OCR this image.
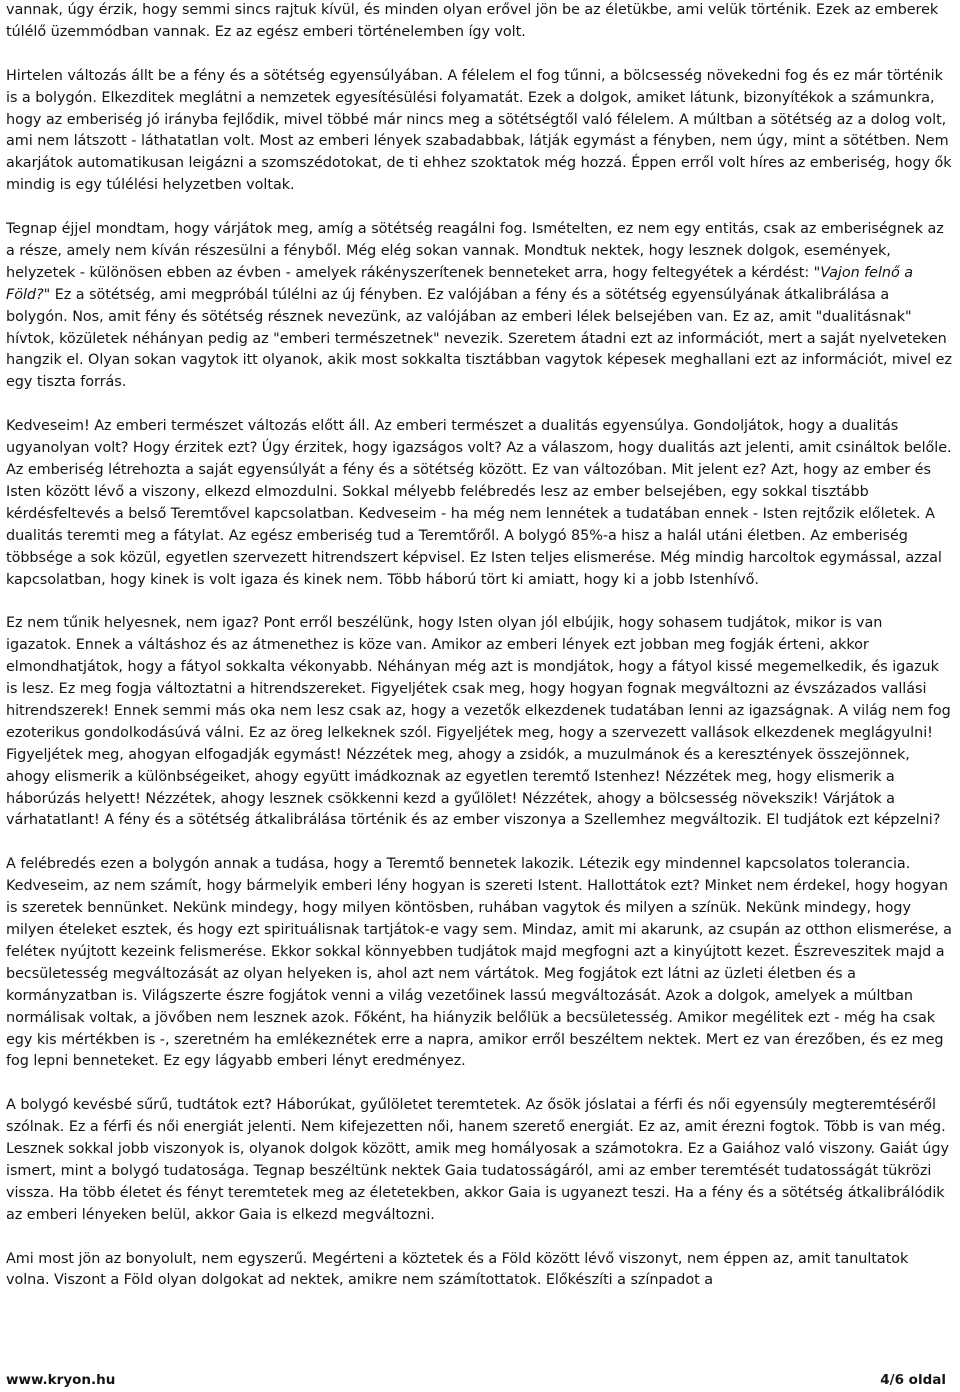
vannak, úgy érzik, hogy semmi sincs rajtuk kívül, és minden olyan erővel jön be az életükbe, ami velük történik. Ezek az emberek túlélő üzemmódban vannak. Ez az egész emberi történelemben így volt.

Hirtelen változás állt be a fény és a sötétség egyensúlyában. A félelem el fog tűnni, a bölcsesség növekedni fog és ez már történik is a bolygón. Elkezditek meglátni a nemzetek egyesítésülési folyamatát. Ezek a dolgok, amiket látunk, bizonyítékok a számunkra, hogy az emberiség jó irányba fejlődik, mivel többé már nincs meg a sötétségtől való félelem. A múltban a sötétség az a dolog volt, ami nem látszott - láthatatlan volt. Most az emberi lények szabadabbak, látják egymást a fényben, nem úgy, mint a sötétben. Nem akarjátok automatikusan leigázni a szomszédotokat, de ti ehhez szoktatok még hozzá. Éppen erről volt híres az emberiség, hogy ők mindig is egy túlélési helyzetben voltak.

Tegnap éjjel mondtam, hogy várjátok meg, amíg a sötétség reagálni fog. Ismételten, ez nem egy entitás, csak az emberiségnek az a része, amely nem kíván részesülni a fényből. Még elég sokan vannak. Mondtuk nektek, hogy lesznek dolgok, események, helyzetek - különösen ebben az évben - amelyek rákényszerítenek benneteket arra, hogy feltegyétek a kérdést: "Vajon felnő a Föld?" Ez a sötétség, ami megpróbál túlélni az új fényben. Ez valójában a fény és a sötétség egyensúlyának átkalibrálása a bolygón. Nos, amit fény és sötétség résznek nevezünk, az valójában az emberi lélek belsejében van. Ez az, amit "dualitásnak" hívtok, közületek néhányan pedig az "emberi természetnek" nevezik. Szeretem átadni ezt az információt, mert a saját nyelveteken hangzik el. Olyan sokan vagytok itt olyanok, akik most sokkalta tisztábban vagytok képesek meghallani ezt az információt, mivel ez egy tiszta forrás.

Kedveseim! Az emberi természet változás előtt áll. Az emberi természet a dualitás egyensúlya. Gondoljátok, hogy a dualitás ugyanolyan volt? Hogy érzitek ezt? Úgy érzitek, hogy igazságos volt? Az a válaszom, hogy dualitás azt jelenti, amit csináltok belőle. Az emberiség létrehozta a saját egyensúlyát a fény és a sötétség között. Ez van változóban. Mit jelent ez? Azt, hogy az ember és Isten között lévő a viszony, elkezd elmozdulni. Sokkal mélyebb felébredés lesz az ember belsejében, egy sokkal tisztább kérdésfeltevés a belső Teremtővel kapcsolatban. Kedveseim - ha még nem lennétek a tudatában ennek - Isten rejtőzik előletek. A dualitás teremti meg a fátylat. Az egész emberiség tud a Teremtőről. A bolygó 85%-a hisz a halál utáni életben. Az emberiség többsége a sok közül, egyetlen szervezett hitrendszert képvisel. Ez Isten teljes elismerése. Még mindig harcoltok egymással, azzal kapcsolatban, hogy kinek is volt igaza és kinek nem. Több háború tört ki amiatt, hogy ki a jobb Istenhívő.

Ez nem tűnik helyesnek, nem igaz? Pont erről beszélünk, hogy Isten olyan jól elbújik, hogy sohasem tudjátok, mikor is van igazatok. Ennek a váltáshoz és az átmenethez is köze van. Amikor az emberi lények ezt jobban meg fogják érteni, akkor elmondhatjátok, hogy a fátyol sokkalta vékonyabb. Néhányan még azt is mondjátok, hogy a fátyol kissé megemelkedik, és igazuk is lesz. Ez meg fogja változtatni a hitrendszereket. Figyeljétek csak meg, hogy hogyan fognak megváltozni az évszázados vallási hitrendszerek! Ennek semmi más oka nem lesz csak az, hogy a vezetők elkezdenek tudatában lenni az igazságnak. A világ nem fog ezoterikus gondolkodásúvá válni. Ez az öreg lelkeknek szól. Figyeljétek meg, hogy a szervezett vallások elkezdenek meglágyulni! Figyeljétek meg, ahogyan elfogadják egymást! Nézzétek meg, ahogy a zsidók, a muzulmánok és a keresztények összejönnek, ahogy elismerik a különbségeiket, ahogy együtt imádkoznak az egyetlen teremtő Istenhez! Nézzétek meg, hogy elismerik a háborúzás helyett! Nézzétek, ahogy lesznek csökkenni kezd a gyűlölet! Nézzétek, ahogy a bölcsesség növekszik! Várjátok a várhatatlant! A fény és a sötétség átkalibrálása történik és az ember viszonya a Szellemhez megváltozik. El tudjátok ezt képzelni?

A felébredés ezen a bolygón annak a tudása, hogy a Teremtő bennetek lakozik. Létezik egy mindennel kapcsolatos tolerancia. Kedveseim, az nem számít, hogy bármelyik emberi lény hogyan is szereti Istent. Hallottátok ezt? Minket nem érdekel, hogy hogyan is szeretek bennünket. Nekünk mindegy, hogy milyen köntösben, ruhában vagytok és milyen a színük. Nekünk mindegy, hogy milyen ételeket esztek, és hogy ezt spirituálisnak tartjátok-e vagy sem. Mindaz, amit mi akarunk, az csupán az otthon elismerése, a feléteк nyújtott kezeink felismerése. Ekkor sokkal könnyebben tudjátok majd megfogni azt a kinyújtott kezet. Észreveszitek majd a becsületesség megváltozását az olyan helyeken is, ahol azt nem vártátok. Meg fogjátok ezt látni az üzleti életben és a kormányzatban is. Világszerte észre fogjátok venni a világ vezetőinek lassú megváltozását. Azok a dolgok, amelyek a múltban normálisak voltak, a jövőben nem lesznek azok. Főként, ha hiányzik belőlük a becsületesség. Amikor megélitek ezt - még ha csak egy kis mértékben is -, szeretném ha emlékeznétek erre a napra, amikor erről beszéltem nektek. Mert ez van érezőben, és ez meg fog lepni benneteket. Ez egy lágyabb emberi lényt eredményez.

A bolygó kevésbé sűrű, tudtátok ezt? Háborúkat, gyűlöletet teremtetek. Az ősök jóslatai a férfi és női egyensúly megteremtéséről szólnak. Ez a férfi és női energiát jelenti. Nem kifejezetten női, hanem szerető energiát. Ez az, amit érezni fogtok. Több is van még. Lesznek sokkal jobb viszonyok is, olyanok dolgok között, amik meg homályosak a számotokra. Ez a Gaiához való viszony. Gaiát úgy ismert, mint a bolygó tudatosága. Tegnap beszéltünk nektek Gaia tudatosságáról, ami az ember teremtését tudatosságát tükrözi vissza. Ha több életet és fényt teremtetek meg az életetekben, akkor Gaia is ugyanezt teszi. Ha a fény és a sötétség átkalibrálódik az emberi lényeken belül, akkor Gaia is elkezd megváltozni.

Ami most jön az bonyolult, nem egyszerű. Megérteni a köztetek és a Föld között lévő viszonyt, nem éppen az, amit tanultatok volna. Viszont a Föld olyan dolgokat ad nektek, amikre nem számítottatok. Előkészíti a színpadot a

www.kryon.hu	4/6 oldal
